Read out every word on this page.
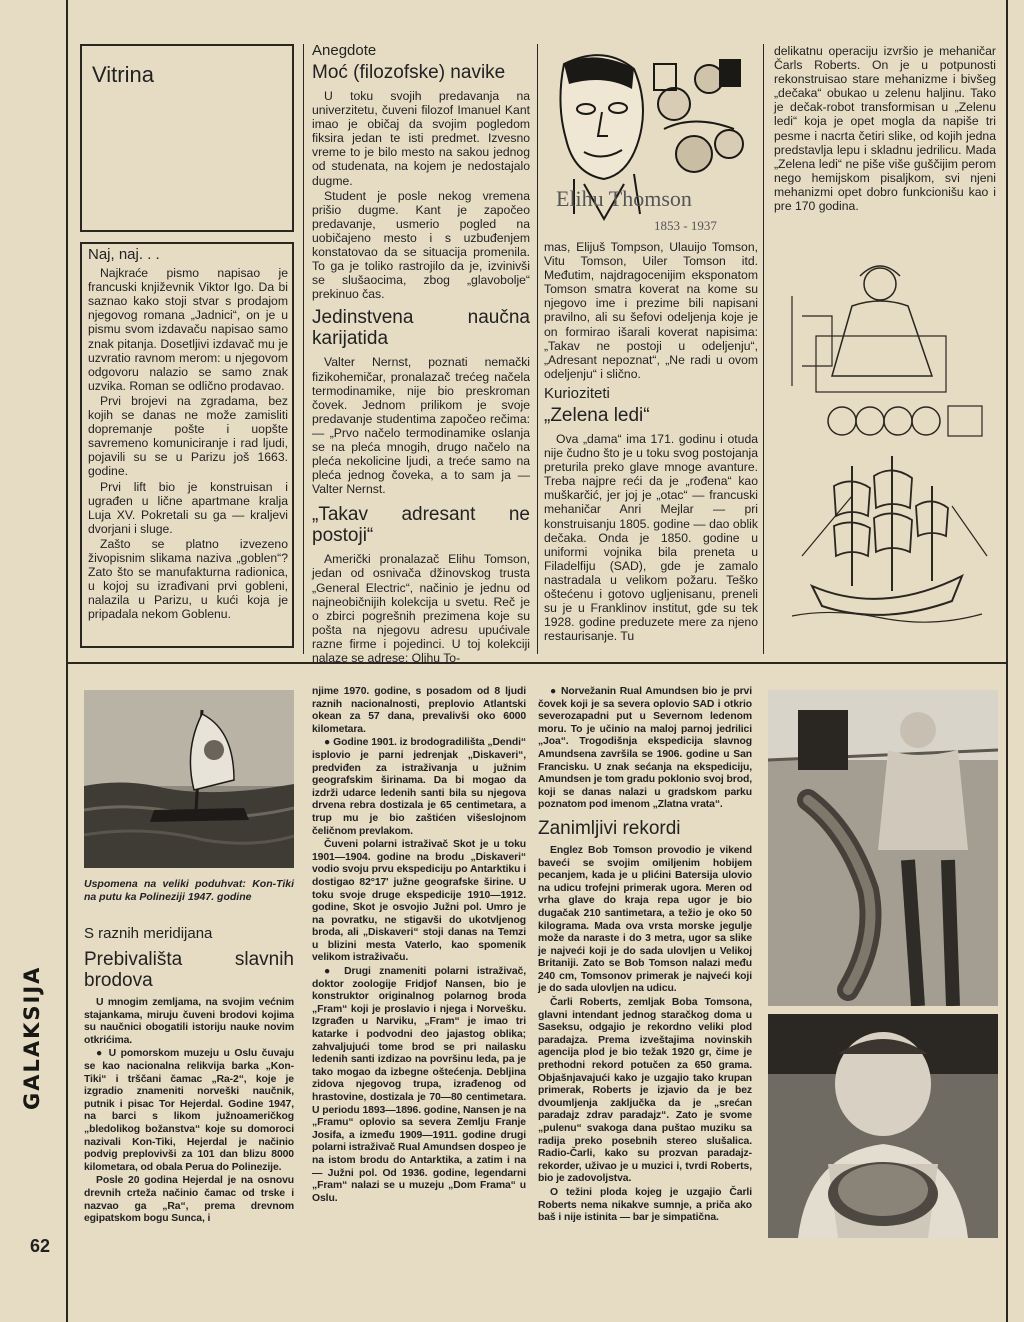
Vitrina
Naj, naj. . .

Najkraće pismo napisao je francuski književnik Viktor Igo. Da bi saznao kako stoji stvar s prodajom njegovog romana „Jadnici“, on je u pismu svom izdavaču napisao samo znak pitanja. Dosetljivi izdavač mu je uzvratio ravnom merom: u njegovom odgovoru nalazio se samo znak uzvika. Roman se odlično prodavao.

Prvi brojevi na zgradama, bez kojih se danas ne može zamisliti dopremanje pošte i uopšte savremeno komuniciranje i rad ljudi, pojavili su se u Parizu još 1663. godine.

Prvi lift bio je konstruisan i ugrađen u lične apartmane kralja Luja XV. Pokretali su ga — kraljevi dvorjani i sluge.

Zašto se platno izvezeno živopisnim slikama naziva „goblen“? Zato što se manufakturna radionica, u kojoj su izrađivani prvi gobleni, nalazila u Parizu, u kući koja je pripadala nekom Goblenu.

Anegdote
Moć (filozofske) navike

U toku svojih predavanja na univerzitetu, čuveni filozof Imanuel Kant imao je običaj da svojim pogledom fiksira jedan te isti predmet. Izvesno vreme to je bilo mesto na sakou jednog od studenata, na kojem je nedostajalo dugme.

Student je posle nekog vremena prišio dugme. Kant je započeo predavanje, usmerio pogled na uobičajeno mesto i s uzbuđenjem konstatovao da se situacija promenila. To ga je toliko rastrojilo da je, izvinivši se slušaocima, zbog „glavobolje“ prekinuo čas.

Jedinstvena naučna karijatida

Valter Nernst, poznati nemački fizikohemičar, pronalazač trećeg načela termodinamike, nije bio preskroman čovek. Jednom prilikom je svoje predavanje studentima započeo rečima: — „Prvo načelo termodinamike oslanja se na pleća mnogih, drugo načelo na pleća nekolicine ljudi, a treće samo na pleća jednog čoveka, a to sam ja — Valter Nernst.

„Takav adresant ne postoji“

Američki pronalazač Elihu Tomson, jedan od osnivača džinovskog trusta „General Electric“, načinio je jednu od najneobičnijih kolekcija u svetu. Reč je o zbirci pogrešnih prezimena koje su pošta na njegovu adresu upućivale razne firme i pojedinci. U toj kolekciji nalaze se adrese: Olihu To-

Elihu Thomson
1853 - 1937

mas, Elijuš Tompson, Ulauijo Tomson, Vitu Tomson, Uiler Tomson itd. Međutim, najdragocenijim eksponatom Tomson smatra koverat na kome su njegovo ime i prezime bili napisani pravilno, ali su šefovi odeljenja koje je on formirao išarali koverat napisima: „Takav ne postoji u odeljenju“, „Adresant nepoznat“, „Ne radi u ovom odeljenju“ i slično.

Kurioziteti
„Zelena ledi“

Ova „dama“ ima 171. godinu i otuda nije čudno što je u toku svog postojanja preturila preko glave mnoge avanture. Treba najpre reći da je „rođena“ kao muškarčić, jer joj je „otac“ — francuski mehaničar Anri Mejlar — pri konstruisanju 1805. godine — dao oblik dečaka. Onda je 1850. godine u uniformi vojnika bila preneta u Filadelfiju (SAD), gde je zamalo nastradala u velikom požaru. Teško oštećenu i gotovo ugljenisanu, preneli su je u Franklinov institut, gde su tek 1928. godine preduzete mere za njeno restaurisanje. Tu

delikatnu operaciju izvršio je mehaničar Čarls Roberts. On je u potpunosti rekonstruisao stare mehanizme i bivšeg „dečaka“ obukao u zelenu haljinu. Tako je dečak-robot transformisan u „Zelenu ledi“ koja je opet mogla da napiše tri pesme i nacrta četiri slike, od kojih jedna predstavlja lepu i skladnu jedrilicu. Mada „Zelena ledi“ ne piše više guščijim perom nego hemijskom pisaljkom, svi njeni mehanizmi opet dobro funkcionišu kao i pre 170 godina.

Uspomena na veliki poduhvat: Kon-Tiki na putu ka Polineziji 1947. godine
S raznih meridijana
Prebivališta slavnih brodova

U mnogim zemljama, na svojim većnim stajankama, miruju čuveni brodovi kojima su naučnici obogatili istoriju nauke novim otkrićima.

● U pomorskom muzeju u Oslu čuvaju se kao nacionalna relikvija barka „Kon-Tiki“ i trščani čamac „Ra-2“, koje je izgradio znameniti norveški naučnik, putnik i pisac Tor Hejerdal. Godine 1947, na barci s likom južnoameričkog „bledolikog božanstva“ koje su domoroci nazivali Kon-Tiki, Hejerdal je načinio podvig preplovivši za 101 dan blizu 8000 kilometara, od obala Perua do Polinezije.

Posle 20 godina Hejerdal je na osnovu drevnih crteža načinio čamac od trske i nazvao ga „Ra“, prema drevnom egipatskom bogu Sunca, i

njime 1970. godine, s posadom od 8 ljudi raznih nacionalnosti, preplovio Atlantski okean za 57 dana, prevalivši oko 6000 kilometara.

● Godine 1901. iz brodogradilišta „Dendi“ isplovio je parni jedrenjak „Diskaveri“, predviđen za istraživanja u južnim geografskim širinama. Da bi mogao da izdrži udarce ledenih santi bila su njegova drvena rebra dostizala je 65 centimetara, a trup mu je bio zaštićen višeslojnom čeličnom prevlakom.

Čuveni polarni istraživač Skot je u toku 1901—1904. godine na brodu „Diskaveri“ vodio svoju prvu ekspediciju po Antarktiku i dostigao 82°17' južne geografske širine. U toku svoje druge ekspedicije 1910—1912. godine, Skot je osvojio Južni pol. Umro je na povratku, ne stigavši do ukotvljenog broda, ali „Diskaveri“ stoji danas na Temzi u blizini mesta Vaterlo, kao spomenik velikom istraživaču.

● Drugi znameniti polarni istraživač, doktor zoologije Fridjof Nansen, bio je konstruktor originalnog polarnog broda „Fram“ koji je proslavio i njega i Norvešku. Izgrađen u Narviku, „Fram“ je imao tri katarke i podvodni deo jajastog oblika; zahvaljujući tome brod se pri nailasku ledenih santi izdizao na površinu leda, pa je tako mogao da izbegne oštećenja. Debljina zidova njegovog trupa, izrađenog od hrastovine, dostizala je 70—80 centimetara. U periodu 1893—1896. godine, Nansen je na „Framu“ oplovio sa severa Zemlju Franje Josifa, a između 1909—1911. godine drugi polarni istraživač Rual Amundsen dospeo je na istom brodu do Antarktika, a zatim i na — Južni pol. Od 1936. godine, legendarni „Fram“ nalazi se u muzeju „Dom Frama“ u Oslu.

● Norvežanin Rual Amundsen bio je prvi čovek koji je sa severa oplovio SAD i otkrio severozapadni put u Severnom ledenom moru. To je učinio na maloj parnoj jedrilici „Joa“. Trogodišnja ekspedicija slavnog Amundsena završila se 1906. godine u San Francisku. U znak sećanja na ekspediciju, Amundsen je tom gradu poklonio svoj brod, koji se danas nalazi u gradskom parku poznatom pod imenom „Zlatna vrata“.

Zanimljivi rekordi

Englez Bob Tomson provodio je vikend baveći se svojim omiljenim hobijem pecanjem, kada je u plićini Batersija ulovio na udicu trofejni primerak ugora. Meren od vrha glave do kraja repa ugor je bio dugačak 210 santimetara, a težio je oko 50 kilograma. Mada ova vrsta morske jegulje može da naraste i do 3 metra, ugor sa slike je najveći koji je do sada ulovljen u Velikoj Britaniji. Zato se Bob Tomson nalazi među 240 cm, Tomsonov primerak je najveći koji je do sada ulovljen na udicu.

Čarli Roberts, zemljak Boba Tomsona, glavni intendant jednog staračkog doma u Saseksu, odgajio je rekordno veliki plod paradajza. Prema izveštajima novinskih agencija plod je bio težak 1920 gr, čime je prethodni rekord potučen za 650 grama. Objašnjavajući kako je uzgajio tako krupan primerak, Roberts je izjavio da je bez dvoumljenja zaključka da je „srećan paradajz zdrav paradajz“. Zato je svome „pulenu“ svakoga dana puštao muziku sa radija preko posebnih stereo slušalica. Radio-Čarli, kako su prozvan paradajz-rekorder, uživao je u muzici i, tvrdi Roberts, bio je zadovoljstva.

O težini ploda kojeg je uzgajio Čarli Roberts nema nikakve sumnje, a priča ako baš i nije istinita — bar je simpatična.

GALAKSIJA
62
